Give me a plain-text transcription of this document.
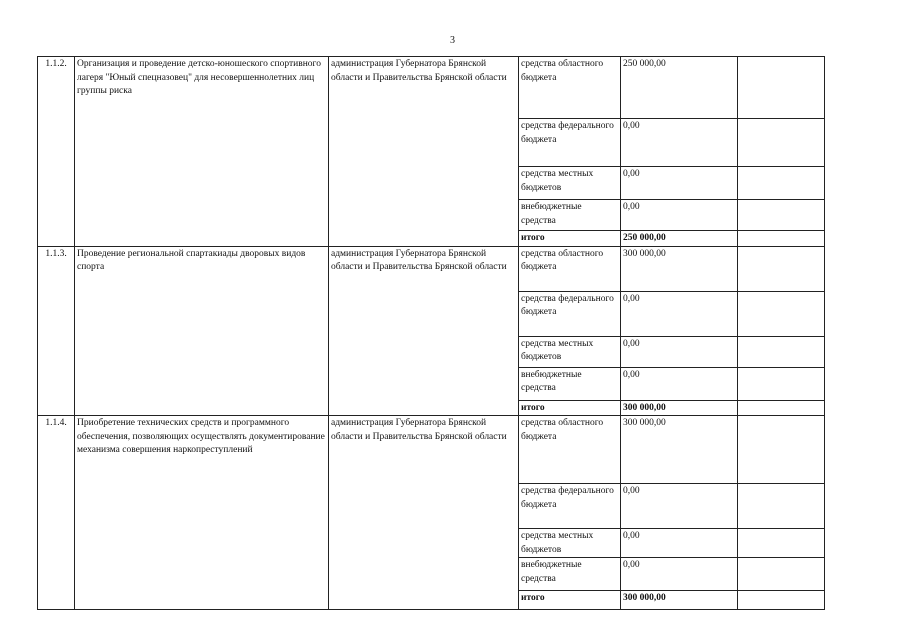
3
1.1.2.	Организация и проведение детско-юношеского спортивного лагеря "Юный спецназовец" для несовершеннолетних лиц группы риска	администрация Губернатора Брянской области и Правительства Брянской области	средства областного бюджета	250 000,00	
			средства федерального бюджета	0,00	
			средства местных бюджетов	0,00	
			внебюджетные средства	0,00	
			итого	250 000,00	
1.1.3.	Проведение региональной спартакиады дворовых видов спорта	администрация Губернатора Брянской области и Правительства Брянской области	средства областного бюджета	300 000,00	
			средства федерального бюджета	0,00	
			средства местных бюджетов	0,00	
			внебюджетные средства	0,00	
			итого	300 000,00	
1.1.4.	Приобретение технических средств и программного обеспечения, позволяющих осуществлять документирование механизма совершения наркопреступлений	администрация Губернатора Брянской области и Правительства Брянской области	средства областного бюджета	300 000,00	
			средства федерального бюджета	0,00	
			средства местных бюджетов	0,00	
			внебюджетные средства	0,00	
			итого	300 000,00	
